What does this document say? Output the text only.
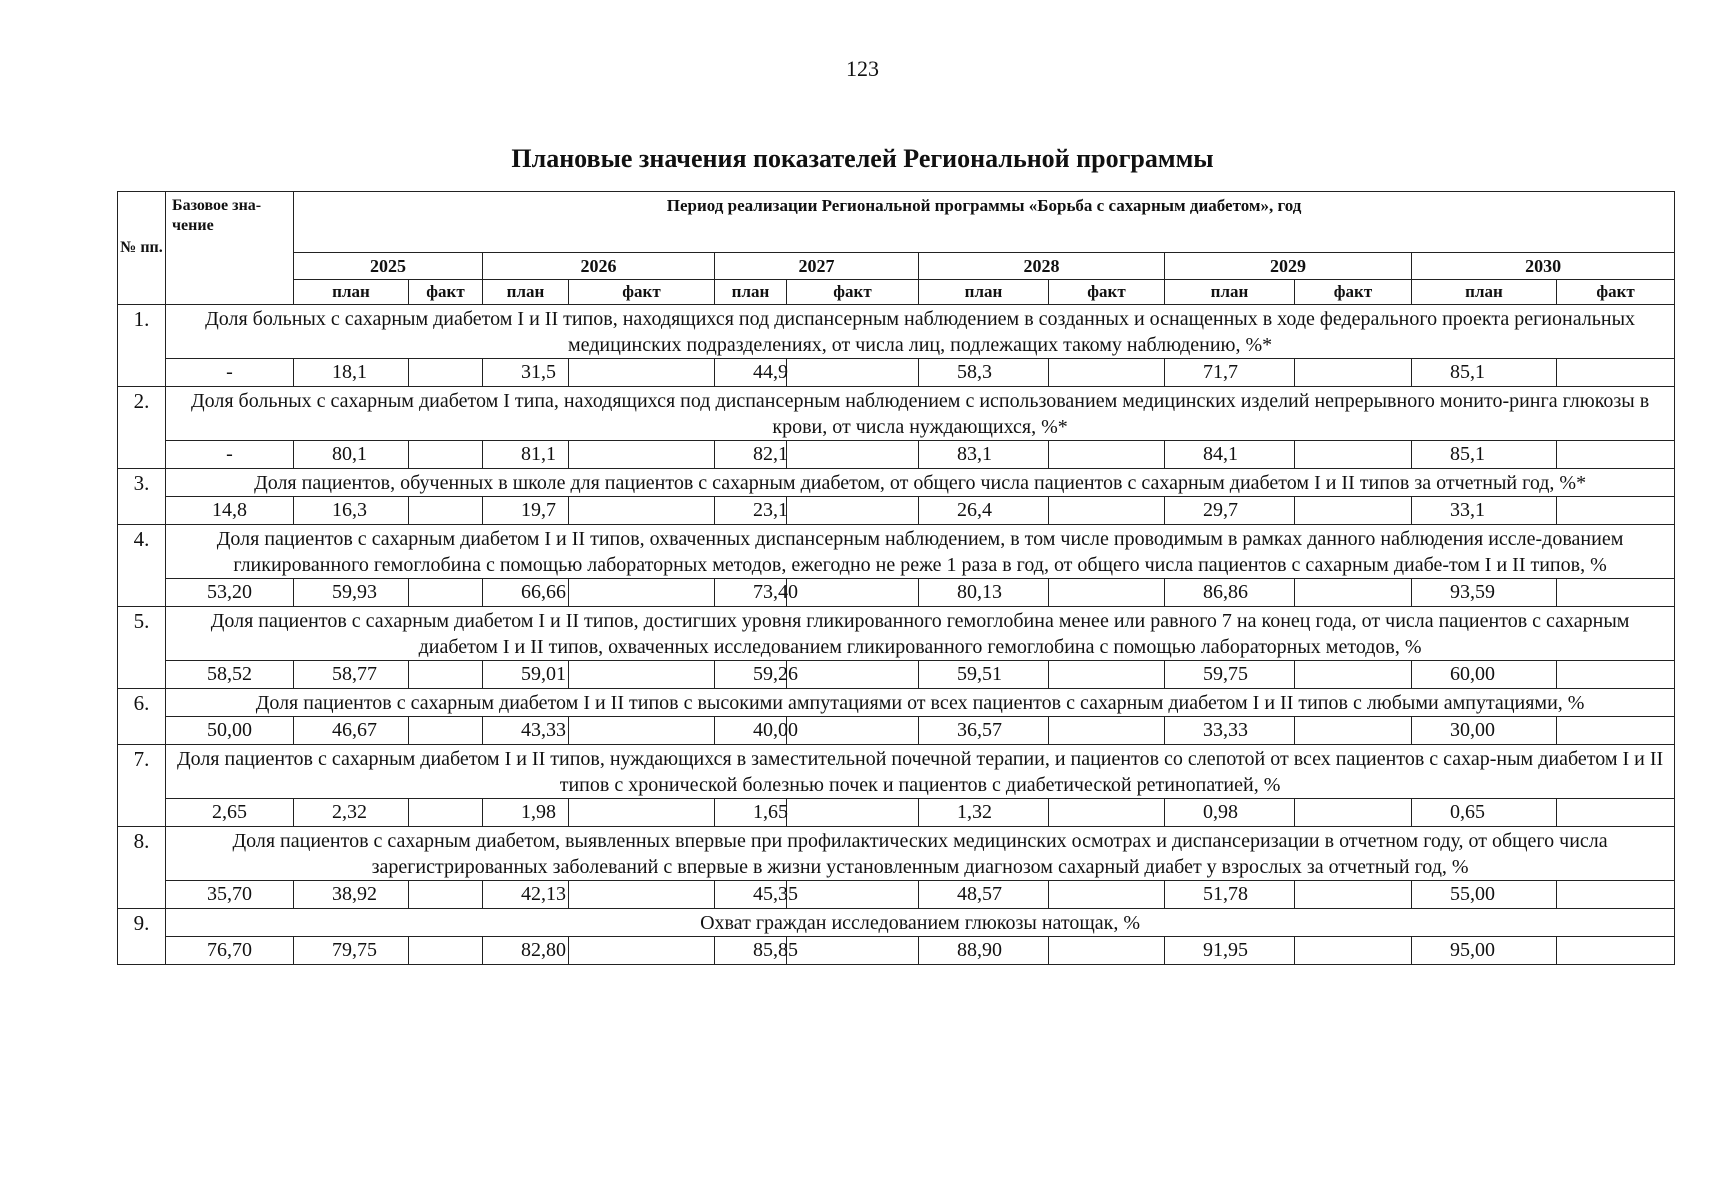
123
Плановые значения показателей Региональной программы
№ пп.	Базовое зна-чение	Период реализации Региональной программы «Борьба с сахарным диабетом», год											
		2025		2026		2027		2028		2029		2030	
		план	факт	план	факт	план	факт	план	факт	план	факт	план	факт
1.	Доля больных с сахарным диабетом I и II типов, находящихся под диспансерным наблюдением в созданных и оснащенных в ходе федерального проекта региональных медицинских подразделениях, от числа лиц, подлежащих такому наблюдению, %*												
	-	18,1		31,5		44,9		58,3		71,7		85,1	
2.	Доля больных с сахарным диабетом I типа, находящихся под диспансерным наблюдением с использованием медицинских изделий непрерывного монито-ринга глюкозы в крови, от числа нуждающихся, %*												
	-	80,1		81,1		82,1		83,1		84,1		85,1	
3.	Доля пациентов, обученных в школе для пациентов с сахарным диабетом, от общего числа пациентов с сахарным диабетом I и II типов за отчетный год, %*												
	14,8	16,3		19,7		23,1		26,4		29,7		33,1	
4.	Доля пациентов с сахарным диабетом I и II типов, охваченных диспансерным наблюдением, в том числе проводимым в рамках данного наблюдения иссле-дованием гликированного гемоглобина с помощью лабораторных методов, ежегодно не реже 1 раза в год, от общего числа пациентов с сахарным диабе-том I и II типов, %												
	53,20	59,93		66,66		73,40		80,13		86,86		93,59	
5.	Доля пациентов с сахарным диабетом I и II типов, достигших уровня гликированного гемоглобина менее или равного 7 на конец года, от числа пациентов с сахарным диабетом I и II типов, охваченных исследованием гликированного гемоглобина с помощью лабораторных методов, %												
	58,52	58,77		59,01		59,26		59,51		59,75		60,00	
6.	Доля пациентов с сахарным диабетом I и II типов с высокими ампутациями от всех пациентов с сахарным диабетом I и II типов с любыми ампутациями, %												
	50,00	46,67		43,33		40,00		36,57		33,33		30,00	
7.	Доля пациентов с сахарным диабетом I и II типов, нуждающихся в заместительной почечной терапии, и пациентов со слепотой от всех пациентов с сахар-ным диабетом I и II типов с хронической болезнью почек и пациентов с диабетической ретинопатией, %												
	2,65	2,32		1,98		1,65		1,32		0,98		0,65	
8.	Доля пациентов с сахарным диабетом, выявленных впервые при профилактических медицинских осмотрах и диспансеризации в отчетном году, от общего числа зарегистрированных заболеваний с впервые в жизни установленным диагнозом сахарный диабет у взрослых за отчетный год, %												
	35,70	38,92		42,13		45,35		48,57		51,78		55,00	
9.	Охват граждан исследованием глюкозы натощак, %												
	76,70	79,75		82,80		85,85		88,90		91,95		95,00	
